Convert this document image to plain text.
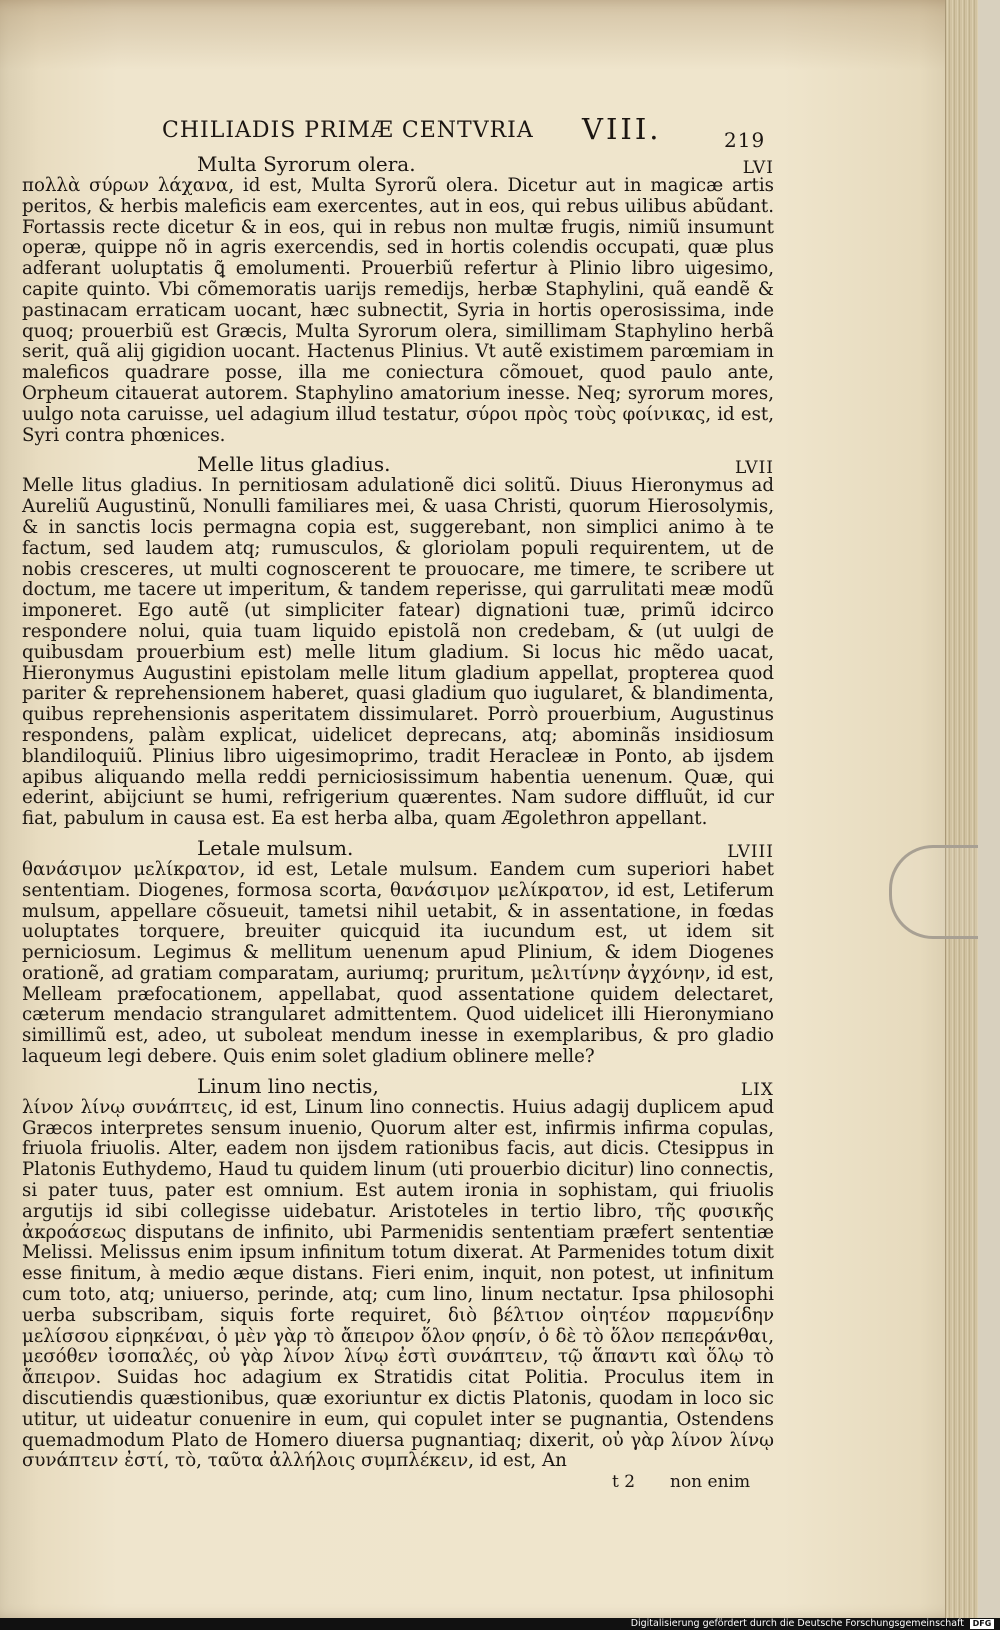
CHILIADIS PRIMÆ CENTVRIA VIII.	219
Multa Syrorum olera.	LVI

πολλὰ σύρων λάχανα, id est, Multa Syrorũ olera. Dicetur aut in magicæ artis peritos, & herbis maleficis eam exercentes, aut in eos, qui rebus uilibus abũdant. Fortassis recte dicetur & in eos, qui in rebus non multæ frugis, nimiũ insumunt operæ, quippe nõ in agris exercendis, sed in hortis colendis occupati, quæ plus adferant uoluptatis ꝗ̃ emolumenti. Prouerbiũ refertur à Plinio libro uigesimo, capite quinto. Vbi cõmemoratis uarijs remedijs, herbæ Staphylini, quã eandẽ & pastinacam erraticam uocant, hæc subnectit, Syria in hortis operosissima, inde quoq; prouerbiũ est Græcis, Multa Syrorum olera, simillimam Staphylino herbã serit, quã alij gigidion uocant. Hactenus Plinius. Vt autẽ existimem parœmiam in maleficos quadrare posse, illa me coniectura cõmouet, quod paulo ante, Orpheum citauerat autorem. Staphylino amatorium inesse. Neq; syrorum mores, uulgo nota caruisse, uel adagium illud testatur, σύροι πρὸς τοὺς φοίνικας, id est, Syri contra phœnices.

Melle litus gladius.	LVII

Melle litus gladius. In pernitiosam adulationẽ dici solitũ. Diuus Hieronymus ad Aureliũ Augustinũ, Nonulli familiares mei, & uasa Christi, quorum Hierosolymis, & in sanctis locis permagna copia est, suggerebant, non simplici animo à te factum, sed laudem atq; rumusculos, & gloriolam populi requirentem, ut de nobis cresceres, ut multi cognoscerent te prouocare, me timere, te scribere ut doctum, me tacere ut imperitum, & tandem reperisse, qui garrulitati meæ modũ imponeret. Ego autẽ (ut simpliciter fatear) dignationi tuæ, primũ idcirco respondere nolui, quia tuam liquido epistolã non credebam, & (ut uulgi de quibusdam prouerbium est) melle litum gladium. Si locus hic mẽdo uacat, Hieronymus Augustini epistolam melle litum gladium appellat, propterea quod pariter & reprehensionem haberet, quasi gladium quo iugularet, & blandimenta, quibus reprehensionis asperitatem dissimularet. Porrò prouerbium, Augustinus respondens, palàm explicat, uidelicet deprecans, atq; abominãs insidiosum blandiloquiũ. Plinius libro uigesimoprimo, tradit Heracleæ in Ponto, ab ijsdem apibus aliquando mella reddi perniciosissimum habentia uenenum. Quæ, qui ederint, abijciunt se humi, refrigerium quærentes. Nam sudore diffluũt, id cur fiat, pabulum in causa est. Ea est herba alba, quam Ægolethron appellant.

Letale mulsum.	LVIII

θανάσιμον μελίκρατον, id est, Letale mulsum. Eandem cum superiori habet sententiam. Diogenes, formosa scorta, θανάσιμον μελίκρατον, id est, Letiferum mulsum, appellare cõsueuit, tametsi nihil uetabit, & in assentatione, in fœdas uoluptates torquere, breuiter quicquid ita iucundum est, ut idem sit perniciosum. Legimus & mellitum uenenum apud Plinium, & idem Diogenes orationẽ, ad gratiam comparatam, auriumq; pruritum, μελιτίνην ἀγχόνην, id est, Melleam præfocationem, appellabat, quod assentatione quidem delectaret, cæterum mendacio strangularet admittentem. Quod uidelicet illi Hieronymiano simillimũ est, adeo, ut suboleat mendum inesse in exemplaribus, & pro gladio laqueum legi debere. Quis enim solet gladium oblinere melle?

Linum lino nectis,	LIX

λίνον λίνῳ συνάπτεις, id est, Linum lino connectis. Huius adagij duplicem apud Græcos interpretes sensum inuenio, Quorum alter est, infirmis infirma copulas, friuola friuolis. Alter, eadem non ijsdem rationibus facis, aut dicis. Ctesippus in Platonis Euthydemo, Haud tu quidem linum (uti prouerbio dicitur) lino connectis, si pater tuus, pater est omnium. Est autem ironia in sophistam, qui friuolis argutijs id sibi collegisse uidebatur. Aristoteles in tertio libro, τῆς φυσικῆς ἀκροάσεως disputans de infinito, ubi Parmenidis sententiam præfert sententiæ Melissi. Melissus enim ipsum infinitum totum dixerat. At Parmenides totum dixit esse finitum, à medio æque distans. Fieri enim, inquit, non potest, ut infinitum cum toto, atq; uniuerso, perinde, atq; cum lino, linum nectatur. Ipsa philosophi uerba subscribam, siquis forte requiret, διὸ βέλτιον οἰητέον παρμενίδην μελίσσου εἰρηκέναι, ὁ μὲν γὰρ τὸ ἄπειρον ὅλον φησίν, ὁ δὲ τὸ ὅλον πεπεράνθαι, μεσόθεν ἰσοπαλές, οὐ γὰρ λίνον λίνῳ ἐστὶ συνάπτειν, τῷ ἅπαντι καὶ ὅλῳ τὸ ἄπειρον. Suidas hoc adagium ex Stratidis citat Politia. Proculus item in discutiendis quæstionibus, quæ exoriuntur ex dictis Platonis, quodam in loco sic utitur, ut uideatur conuenire in eum, qui copulet inter se pugnantia, Ostendens quemadmodum Plato de Homero diuersa pugnantiaq; dixerit, οὐ γὰρ λίνον λίνῳ συνάπτειν ἐστί, τὸ, ταῦτα ἀλλήλοις συμπλέκειν, id est, An

t 2 non enim
Digitalisierung gefördert durch die Deutsche Forschungsgemeinschaft	DFG
